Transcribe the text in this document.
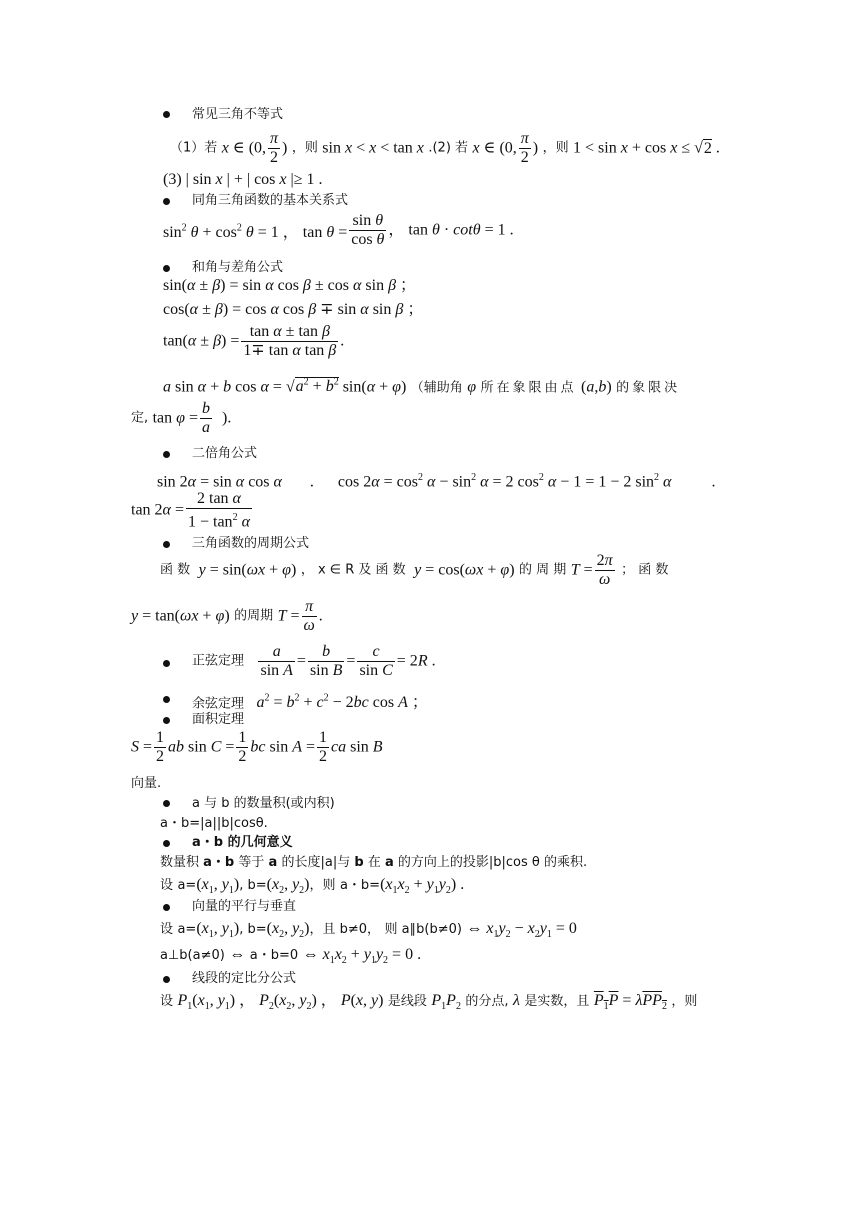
常见三角不等式
（1）若 x ∈ (0, $\frac{\pi}{2}$ ) ，则 sin x < x < tan x .(2) 若 x ∈ (0, $\frac{\pi}{2}$ ) ，则 1 < sin x + cos x ≤ √2 .
(3) | sin x | + | cos x |≥ 1 .
同角三角函数的基本关系式
$\sin^2 \theta + \cos^2 \theta = 1$ ， $\tan \theta = \frac{\text{sin θ}}{\text{cos θ}}$ ， tan θ · cotθ = 1 .
和角与差角公式
sin(α ± β) = sin α cos β ± cos α sin β ；
cos(α ± β) = cos α cos β ∓ sin α sin β ；
$\tan(\alpha \pm \beta) = \frac{\text{tan α ± tan β}}{\text{1∓ tan α tan β}}$ .
a sin α + b $\cos \alpha = √a^2 + b^2$ sin(α + φ) （辅助角 φ 所在象限由点 (a,b) 的象限决
定, $\tan \varphi = \frac{b}{a}$ ).
二倍角公式
sin 2α = sin α cos α       .      $\cos 2\alpha = \cos^2 \alpha - \sin^2 \alpha = 2$ $\cos^2 \alpha - 1 = 1 - 2$ $\sin^2 \alpha$          .
$\tan 2\alpha = \frac{\text{2 tan α}}{1 - \tan^2 \alpha}$
三角函数的周期公式
函 数 y = sin(ωx + φ) ， x ∈ R 及 函 数 y = cos(ωx + φ) 的 周 期 $T = \frac{2\pi}{\omega}$ ； 函 数
y = tan(ωx + φ) 的周期 $T = \frac{\pi}{\omega}$ .
正弦定理 $\frac{a}{\text{sin A}} = \frac{b}{\text{sin B}} = \frac{c}{\text{sin C}} = 2R$ .
余弦定理 $a^2 = b^2 + c^2 - 2bc$ cos A ；
面积定理
$S = \frac{1}{2}$ ab $\sin C = \frac{1}{2}$ bc $\sin A = \frac{1}{2}$ ca sin B
向量.
a 与 b 的数量积(或内积)
a・b=|a||b|cosθ.
a・b 的几何意义
数量积 a・b 等于 a 的长度|a|与 b 在 a 的方向上的投影|b|cos θ 的乘积.
设 $a=(x_1$, $y_1$), $b=(x_2$, $y_2$)，则 a・$b=(x_1x_2 + y_1y_2)$ .
向量的平行与垂直
设 $a=(x_1$, $y_1$), $b=(x_2$, $y_2$)，且 b≠0， 则 a∥b(b≠0) ⇔ $x_1y_2 - x_2y_1 = 0$
a⊥b(a≠0) ⇔ a・b=0 ⇔ $x_1x_2 + y_1y_2 = 0$ .
线段的定比分公式
设 $P_1(x_1$, $y_1$) ， $P_2(x_2$, $y_2$) ， P(x, y) 是线段 $P_1P_2$ 的分点, λ 是实数，且 $P_1P = \lambda PP_2$ ，则
